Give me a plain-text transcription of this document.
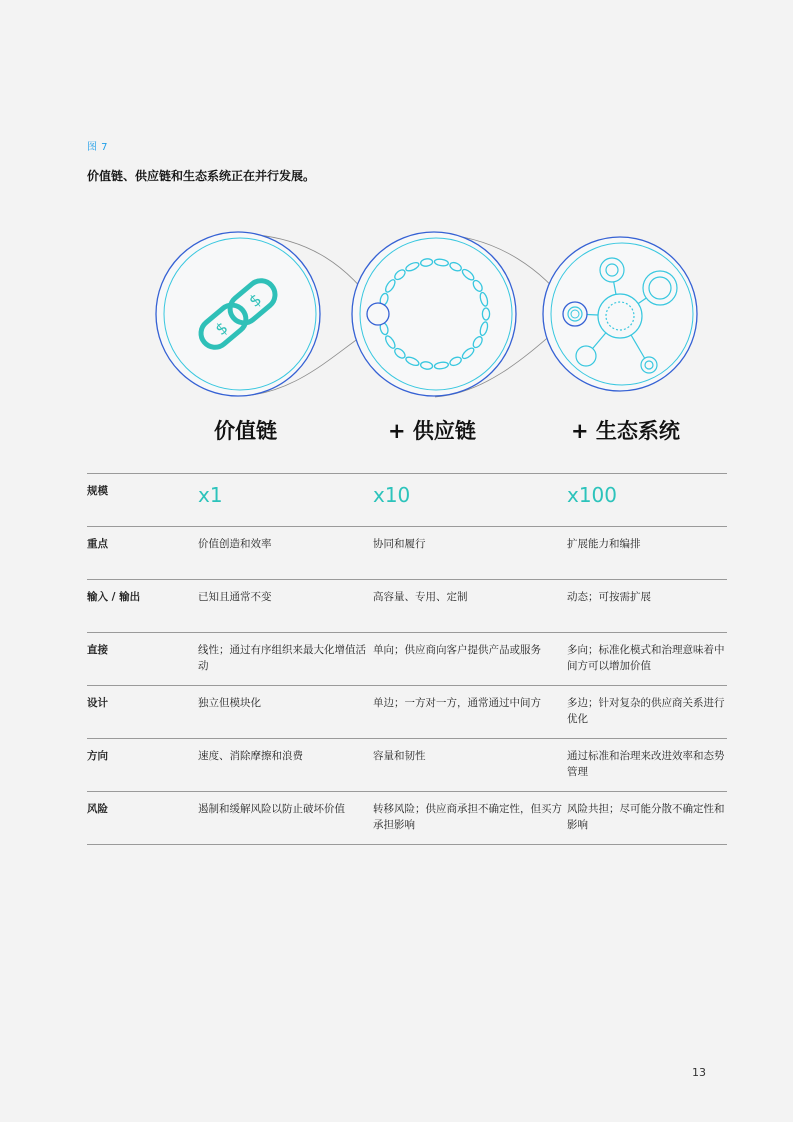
图 7
价值链、供应链和生态系统正在并行发展。
$
$
价值链	+ 供应链	+ 生态系统
规模	x1	x10	x100
重点	价值创造和效率	协同和履行	扩展能力和编排
输入 / 输出	已知且通常不变	高容量、专用、定制	动态；可按需扩展
直接	线性；通过有序组织来最大化增值活动	单向；供应商向客户提供产品或服务	多向；标准化模式和治理意味着中间方可以增加价值
设计	独立但模块化	单边；一方对一方，通常通过中间方	多边；针对复杂的供应商关系进行优化
方向	速度、消除摩擦和浪费	容量和韧性	通过标准和治理来改进效率和态势管理
风险	遏制和缓解风险以防止破坏价值	转移风险；供应商承担不确定性，但买方承担影响	风险共担；尽可能分散不确定性和影响
13
